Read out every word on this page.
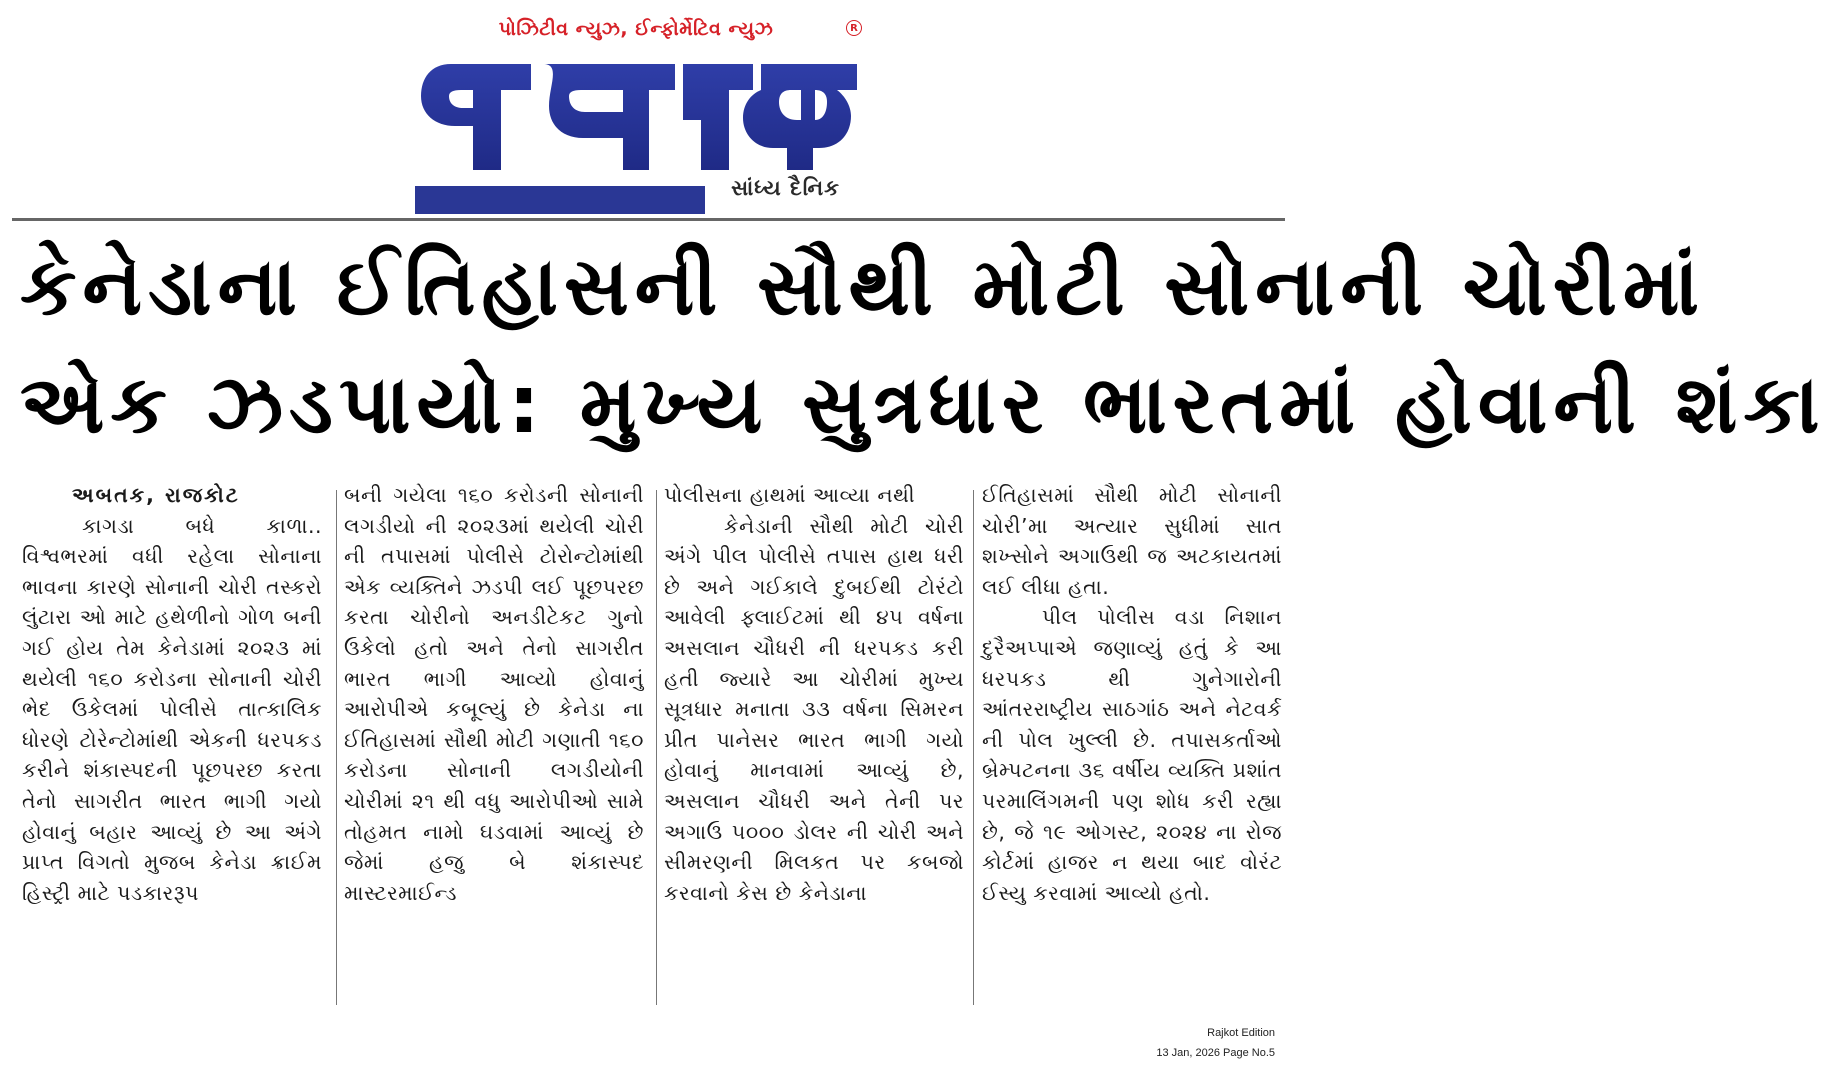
પોઝિટીવ ન્યુઝ, ઈન્ફોર્મેટિવ ન્યુઝ	R
સાંધ્ય દૈનિક
કેનેડાના ઈતિહાસની સૌથી મોટી સોનાની ચોરીમાં
એક ઝડપાયો: મુખ્ય સુત્રધાર ભારતમાં હોવાની શંકા
અબતક, રાજકોટ

કાગડા બધે કાળા.. વિશ્વભરમાં વધી રહેલા સોનાના ભાવના કારણે સોનાની ચોરી તસ્કરો લુંટારા ઓ માટે હથેળીનો ગોળ બની ગઈ હોય તેમ કેનેડામાં ૨૦૨૩ માં થયેલી ૧૬૦ કરોડના સોનાની ચોરી ભેદ ઉકેલમાં પોલીસે તાત્કાલિક ધોરણે ટોરેન્ટોમાંથી એકની ધરપકડ કરીને શંકાસ્પદની પૂછપરછ કરતા તેનો સાગરીત ભારત ભાગી ગયો હોવાનું બહાર આવ્યું છે આ અંગે પ્રાપ્ત વિગતો મુજબ કેનેડા ક્રાઈમ હિસ્ટ્રી માટે પડકારરૂપ

બની ગયેલા ૧૬૦ કરોડની સોનાની લગડીયો ની ૨૦૨૩માં થયેલી ચોરી ની તપાસમાં પોલીસે ટોરોન્ટોમાંથી એક વ્યક્તિને ઝડપી લઈ પૂછપરછ કરતા ચોરીનો અનડીટેકટ ગુનો ઉકેલો હતો અને તેનો સાગરીત ભારત ભાગી આવ્યો હોવાનું આરોપીએ કબૂલ્યું છે કેનેડા ના ઈતિહાસમાં સૌથી મોટી ગણાતી ૧૬૦ કરોડના સોનાની લગડીયોની ચોરીમાં ૨૧ થી વધુ આરોપીઓ સામે તોહમત નામો ઘડવામાં આવ્યું છે જેમાં હજુ બે શંકાસ્પદ માસ્ટરમાઈન્ડ

પોલીસના હાથમાં આવ્યા નથી

કેનેડાની સૌથી મોટી ચોરી અંગે પીલ પોલીસે તપાસ હાથ ધરી છે અને ગઈકાલે દુબઈથી ટોરંટો આવેલી ફ્લાઈટમાં થી ૪૫ વર્ષના અસલાન ચૌધરી ની ધરપકડ કરી હતી જ્યારે આ ચોરીમાં મુખ્ય સૂત્રધાર મનાતા ૩૩ વર્ષના સિમરન પ્રીત પાનેસર ભારત ભાગી ગયો હોવાનું માનવામાં આવ્યું છે, અસલાન ચૌધરી અને તેની પર અગાઉ ૫૦૦૦ ડોલર ની ચોરી અને સીમરણની મિલકત પર કબજો કરવાનો કેસ છે કેનેડાના

ઈતિહાસમાં સૌથી મોટી સોનાની ચોરી’મા અત્યાર સુધીમાં સાત શખ્સોને અગાઉથી જ અટકાયતમાં લઈ લીધા હતા.

પીલ પોલીસ વડા નિશાન દુરૈઅપ્પાએ જણાવ્યું હતું કે આ ધરપકડ થી ગુનેગારોની આંતરરાષ્ટ્રીય સાઠગાંઠ અને નેટવર્ક ની પોલ ખુલ્લી છે. તપાસકર્તાઓ બ્રેમ્પટનના ૩૬ વર્ષીય વ્યક્તિ પ્રશાંત પરમાલિંગમની પણ શોધ કરી રહ્યા છે, જે ૧૯ ઓગસ્ટ, ૨૦૨૪ ના રોજ કોર્ટમાં હાજર ન થયા બાદ વોરંટ ઈસ્યુ કરવામાં આવ્યો હતો.

Rajkot Edition
13 Jan, 2026 Page No.5
